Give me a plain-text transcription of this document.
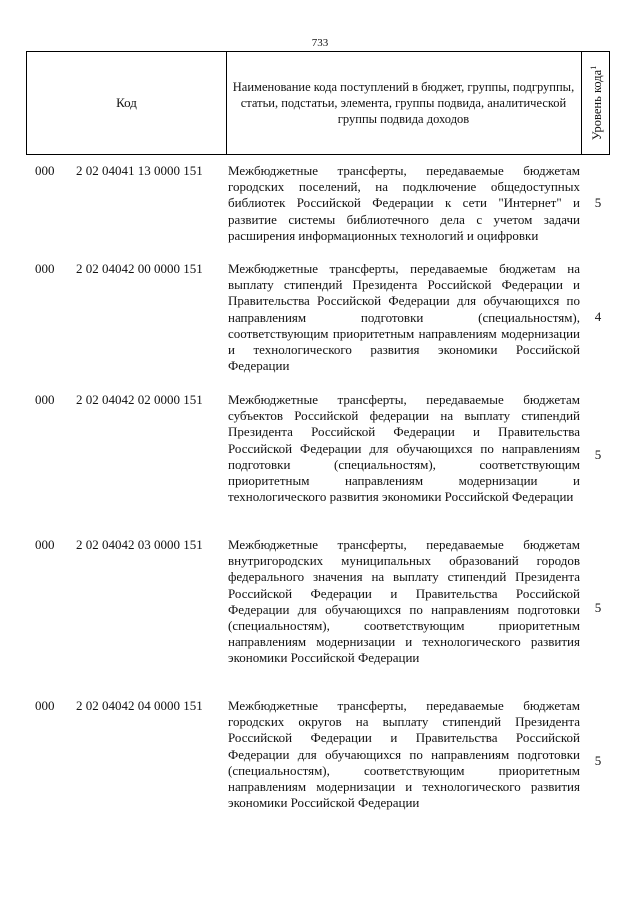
733
Код
Наименование кода поступлений в бюджет, группы, подгруппы, статьи, подстатьи, элемента, группы подвида, аналитической группы подвида доходов	Уровень кода$^1$
000 2 02 04041 13 0000 151 Межбюджетные трансферты, передаваемые бюджетам городских поселений, на подключение общедоступных библиотек Российской Федерации к сети "Интернет" и развитие системы библиотечного дела с учетом задачи расширения информационных технологий и оцифровки
5
000 2 02 04042 00 0000 151 Межбюджетные трансферты, передаваемые бюджетам на выплату стипендий Президента Российской Федерации и Правительства Российской Федерации для обучающихся по направлениям подготовки (специальностям), соответствующим приоритетным направлениям модернизации и технологического развития экономики Российской Федерации
4
000 2 02 04042 02 0000 151 Межбюджетные трансферты, передаваемые бюджетам субъектов Российской федерации на выплату стипендий Президента Российской Федерации и Правительства Российской Федерации для обучающихся по направлениям подготовки (специальностям), соответствующим приоритетным направлениям модернизации и технологического развития экономики Российской Федерации
5
000 2 02 04042 03 0000 151 Межбюджетные трансферты, передаваемые бюджетам внутригородских муниципальных образований городов федерального значения на выплату стипендий Президента Российской Федерации и Правительства Российской Федерации для обучающихся по направлениям подготовки (специальностям), соответствующим приоритетным направлениям модернизации и технологического развития экономики Российской Федерации
5
000 2 02 04042 04 0000 151 Межбюджетные трансферты, передаваемые бюджетам городских округов на выплату стипендий Президента Российской Федерации и Правительства Российской Федерации для обучающихся по направлениям подготовки (специальностям), соответствующим приоритетным направлениям модернизации и технологического развития экономики Российской Федерации
5
